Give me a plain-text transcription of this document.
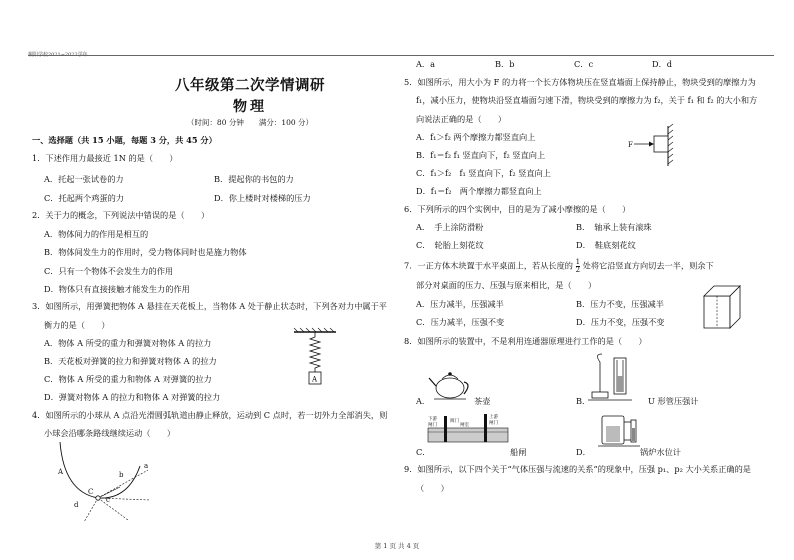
桐阳学校2021~2022学年
八年级第二次学情调研
物理
（时间：80 分钟　　满分：100 分）
一、选择题（共 15 小题，每题 3 分，共 45 分）
1．下述作用力最接近 1N 的是（　　）
A．托起一张试卷的力	B．提起你的书包的力
C．托起两个鸡蛋的力	D．你上楼时对楼梯的压力
2．关于力的概念，下列说法中错误的是（　　）
A．物体间力的作用是相互的
B．物体间发生力的作用时，受力物体同时也是施力物体
C．只有一个物体不会发生力的作用
D．物体只有直接接触才能发生力的作用
3．如图所示，用弹簧把物体 A 悬挂在天花板上，当物体 A 处于静止状态时，下列各对力中属于平
衡力的是（　　）
A．物体 A 所受的重力和弹簧对物体 A 的拉力
B．天花板对弹簧的拉力和弹簧对物体 A 的拉力
C．物体 A 所受的重力和物体 A 对弹簧的拉力
D．弹簧对物体 A 的拉力和物体 A 对弹簧的拉力
A
4．如图所示的小球从 A 点沿光滑圆弧轨道由静止释放，运动到 C 点时，若一切外力全部消失，则
小球会沿哪条路线继续运动（　　）
A
C
a
b
c
d
A．a	B．b	C．c	D．d
5．如图所示，用大小为 F 的力将一个长方体物块压在竖直墙面上保持静止，物块受到的摩擦力为
f₁，减小压力，使物块沿竖直墙面匀速下滑，物块受到的摩擦力为 f₂，关于 f₁ 和 f₂ 的大小和方
向说法正确的是（　　）
A．f₁＞f₂ 两个摩擦力都竖直向上
B．f₁＝f₂ f₁ 竖直向下，f₂ 竖直向上
C．f₁＞f₂　f₁ 竖直向下，f₂ 竖直向上
D．f₁＝f₂　两个摩擦力都竖直向上
F
6．下列所示的四个实例中，目的是为了减小摩擦的是（　　）
A．　手上涂防滑粉	B．　轴承上装有滚珠
C．　轮胎上刻花纹	D．　鞋底刻花纹
7．一正方体木块置于水平桌面上，若从长度的 $\frac{1}{2}$ 处将它沿竖直方向切去一半，则余下
部分对桌面的压力、压强与原来相比，是（　　）
A．压力减半，压强减半	B．压力不变，压强减半
C．压力减半，压强不变	D．压力不变，压强不变
8．如图所示的装置中，不是利用连通器原理进行工作的是（　　）
A．	茶壶	B．	U 形管压强计
C．	船闸	D．	锅炉水位计
下游
闸门
阀门
闸室
上游
闸门
9．如图所示，以下四个关于“气体压强与流速的关系”的现象中，压强 p₁、p₂ 大小关系正确的是
（　　）
第 1 页 共 4 页
